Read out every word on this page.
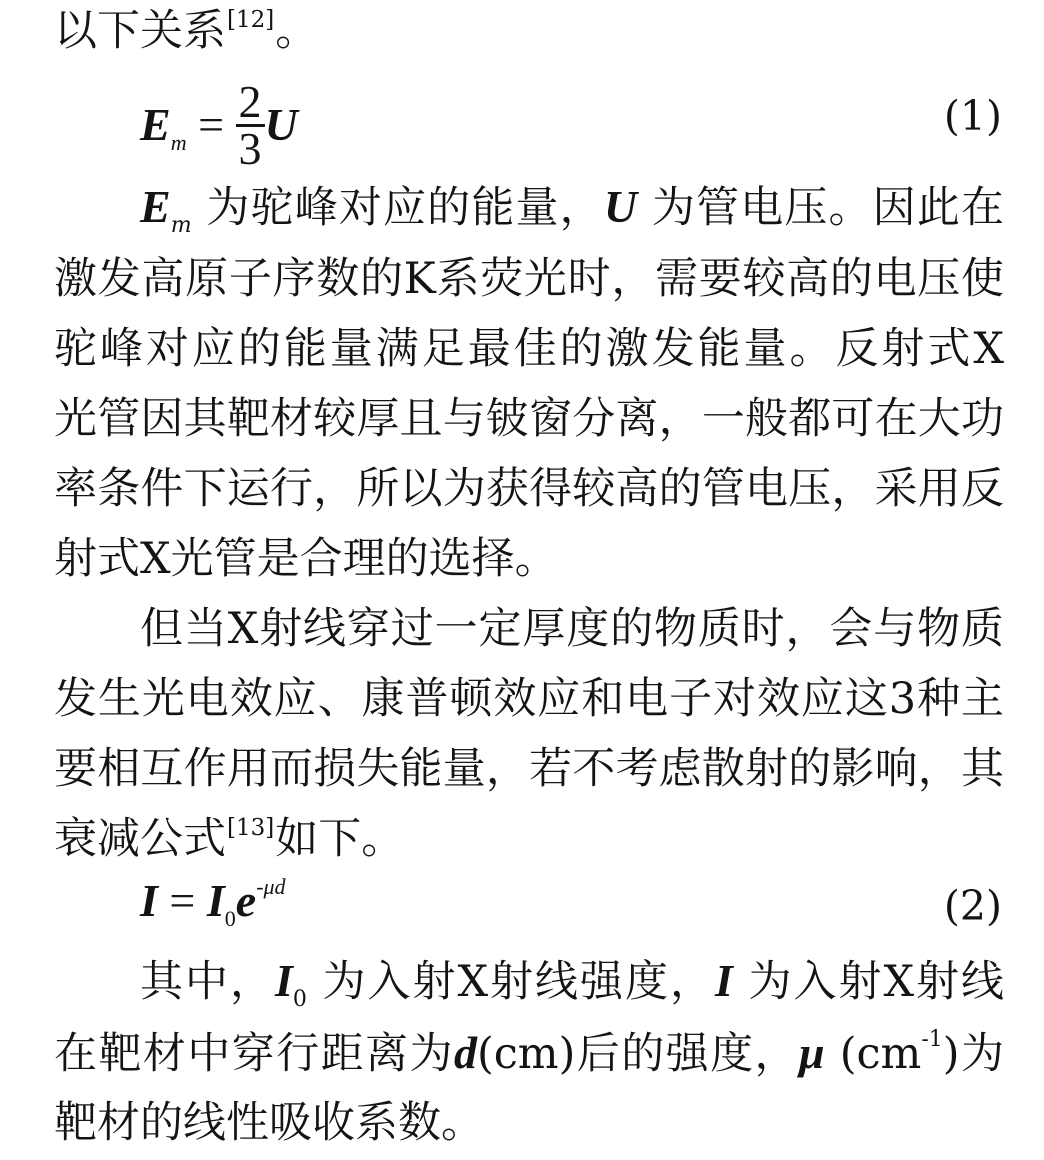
以下关系[12]。
$E_m = \frac{2}{3}$ U	(1)
$E_m$ 为驼峰对应的能量，U 为管电压。因此在
激发高原子序数的K系荧光时，需要较高的电压使
驼峰对应的能量满足最佳的激发能量。反射式X
光管因其靶材较厚且与铍窗分离，一般都可在大功
率条件下运行，所以为获得较高的管电压，采用反
射式X光管是合理的选择。
但当X射线穿过一定厚度的物质时，会与物质
发生光电效应、康普顿效应和电子对效应这3种主
要相互作用而损失能量，若不考虑散射的影响，其
衰减公式[13]如下。
$I = I_0e^{-\mu d}$	(2)
其中，$I_0$ 为入射X射线强度，I 为入射X射线
在靶材中穿行距离为d(cm)后的强度，μ $(cm^{-1})$为
靶材的线性吸收系数。
